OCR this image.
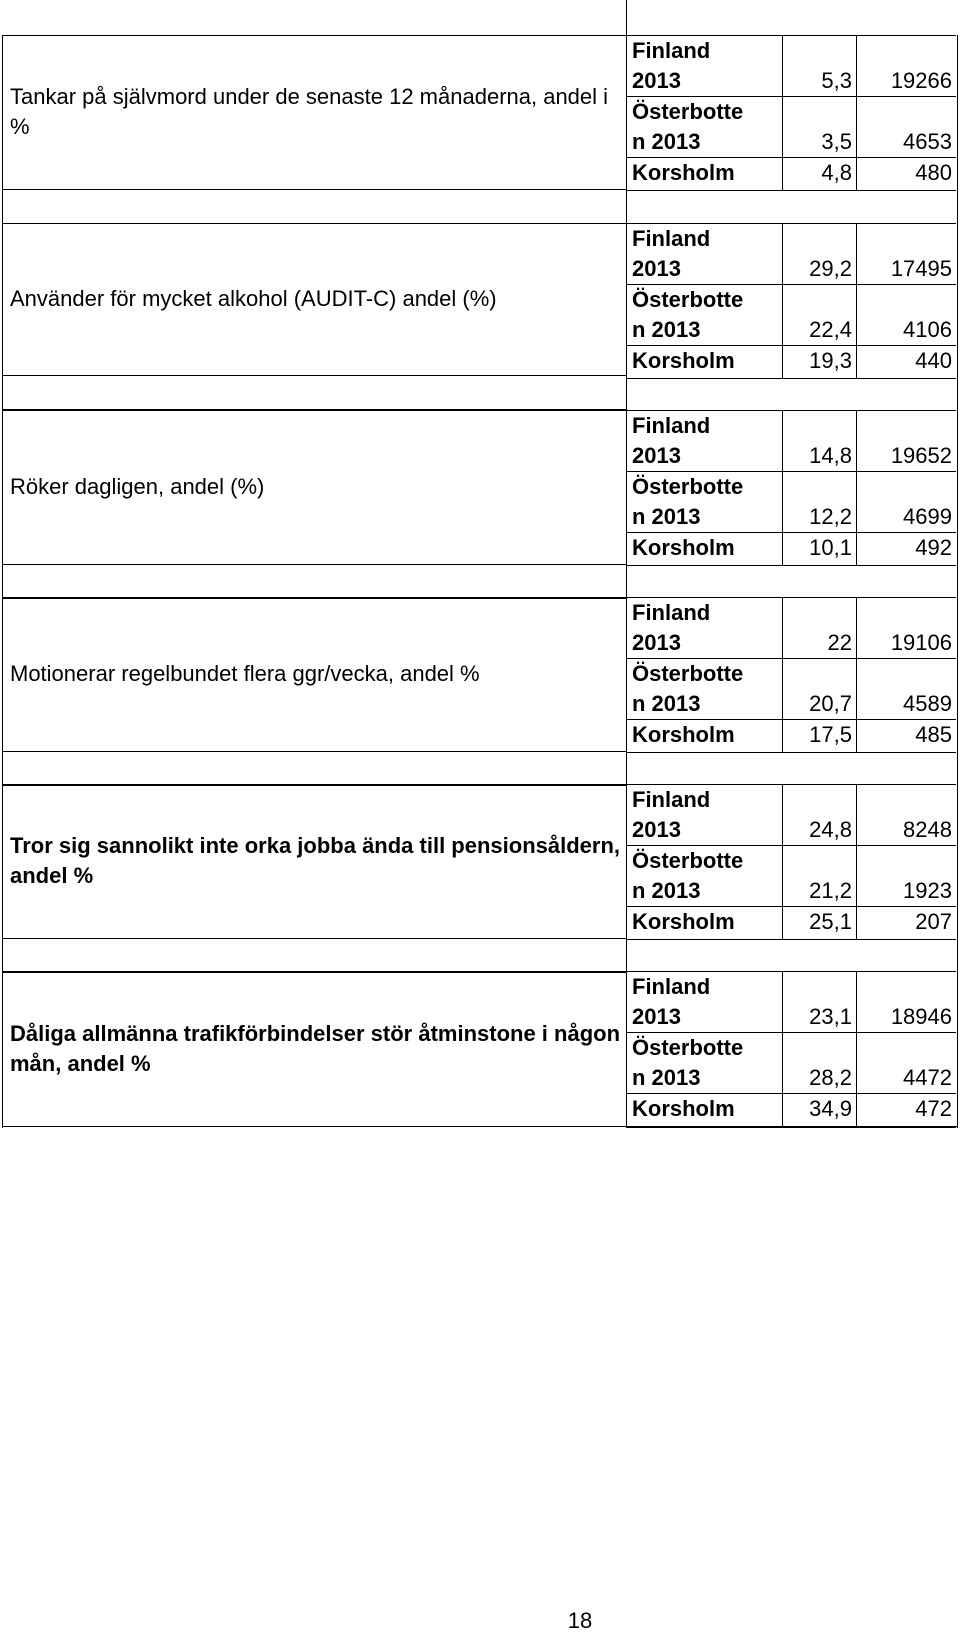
Tankar på självmord under de senaste 12 månaderna, andel i %
Finland
2013	5,3	19266
Österbotte
n 2013	3,5	4653
Korsholm	4,8	480
Använder för mycket alkohol (AUDIT-C) andel (%)
Finland
2013	29,2	17495
Österbotte
n 2013	22,4	4106
Korsholm	19,3	440
Röker dagligen, andel (%)
Finland
2013	14,8	19652
Österbotte
n 2013	12,2	4699
Korsholm	10,1	492
Motionerar regelbundet flera ggr/vecka, andel %
Finland
2013	22	19106
Österbotte
n 2013	20,7	4589
Korsholm	17,5	485
Tror sig sannolikt inte orka jobba ända till pensionsåldern, andel %
Finland
2013	24,8	8248
Österbotte
n 2013	21,2	1923
Korsholm	25,1	207
Dåliga allmänna trafikförbindelser stör åtminstone i någon mån, andel %
Finland
2013	23,1	18946
Österbotte
n 2013	28,2	4472
Korsholm	34,9	472
18
